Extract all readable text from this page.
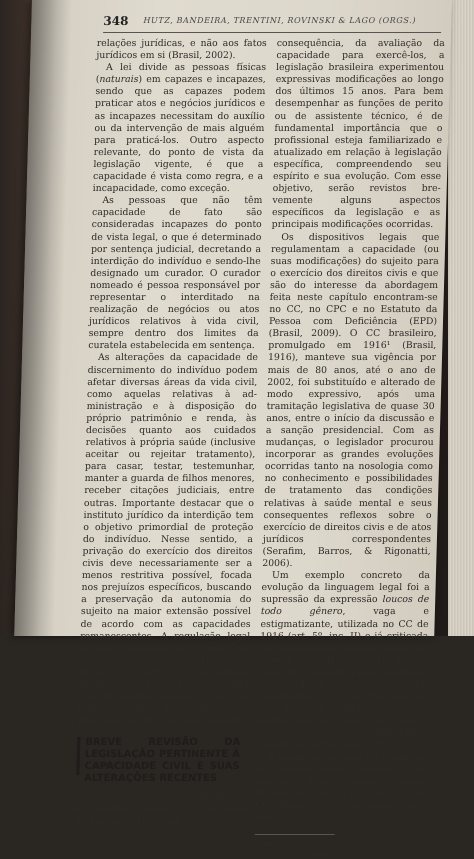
348 HUTZ, BANDEIRA, TRENTINI, ROVINSKI & LAGO (ORGS.)

relações jurídicas, e não aos fatos jurídicos em si (Brasil, 2002).

A lei divide as pessoas físicas (naturais) em capazes e incapazes, sendo que as capazes podem praticar atos e negócios jurídicos e as incapazes necessitam do auxílio ou da intervenção de mais alguém para praticá-los. Outro aspecto relevante, do ponto de vista da legislação vigente, é que a capacidade é vista como regra, e a incapacidade, como exceção.

As pessoas que não têm capacidade de fato são consideradas incapazes do ponto de vista legal, o que é determinado por sentença judicial, decretando a interdição do indivíduo e sendo-lhe designado um curador. O curador nomeado é pessoa responsável por representar o interditado na realização de negócios ou atos jurídicos relativos à vida civil, sempre dentro dos limites da curatela estabelecida em sentença.

As alterações da capacidade de discernimento do indivíduo podem afetar diversas áreas da vida civil, como aquelas relativas à administração e à disposição do próprio patrimônio e renda, às decisões quanto aos cuidados relativos à própria saúde (inclusive aceitar ou rejeitar tratamento), para casar, testar, testemunhar, manter a guarda de filhos menores, receber citações judiciais, entre outras. Importante destacar que o instituto jurídico da interdição tem o objetivo primordial de proteção do indivíduo. Nesse sentido, a privação do exercício dos direitos civis deve necessariamente ser a menos restritiva possível, focada nos prejuízos específicos, buscando a preservação da autonomia do sujeito na maior extensão possível de acordo com as capacidades remanescentes. A regulação legal dessas circunstâncias, como de resto o ordenamento jurídico em geral, sofre periódicas modificações e atualizações, ainda que de forma bastante lenta, na tentativa de acompanhar os processos evolutivos da sociedade.

BREVE REVISÃO DA LEGISLAÇÃO PERTINENTE À CAPACIDADE CIVIL E SUAS ALTERAÇÕES RECENTES

No que se refere especificamente às questões relativas ao exercício de direitos civis e, por

consequência, da avaliação da capacidade para exercê-los, a legislação brasileira experimentou expressivas modificações ao longo dos últimos 15 anos. Para bem desempenhar as funções de perito ou de assistente técnico, é de fundamental importância que o profissional esteja familiarizado e atualizado em relação à legislação específica, compreendendo seu espírito e sua evolução. Com esse objetivo, serão revistos brevemente alguns aspectos específicos da legislação e as principais modificações ocorridas.

Os dispositivos legais que regulamentam a capacidade (ou suas modificações) do sujeito para o exercício dos direitos civis e que são do interesse da abordagem feita neste capítulo encontram-se no CC, no CPC e no Estatuto da Pessoa com Deficiência (EPD) (Brasil, 2009). O CC brasileiro, promulgado em 1916¹ (Brasil, 1916), manteve sua vigência por mais de 80 anos, até o ano de 2002, foi substituído e alterado de modo expressivo, após uma tramitação legislativa de quase 30 anos, entre o início da discussão e a sanção presidencial. Com as mudanças, o legislador procurou incorporar as grandes evoluções ocorridas tanto na nosologia como no conhecimento e possibilidades de tratamento das condições relativas à saúde mental e seus consequentes reflexos sobre o exercício de direitos civis e de atos jurídicos correspondentes (Serafim, Barros, & Rigonatti, 2006).

Um exemplo concreto da evolução da linguagem legal foi a supressão da expressão loucos de todo gênero, vaga e estigmatizante, utilizada no CC de 1916 (art. 5º, inc. II) e já criticada por psiquiatras e juristas desde sua origem naquela época. De acordo com uma linguagem mais adaptada à nosologia psiquiátrica, foi substituída no CC de 2002 por "os que, por enfermidade ou retardo mental, não tiverem o necessário discernimento" (Abdalla-Filho, Chalub, & Borba Telles, 2015).

A delimitação legal da condição de incapacidade absoluta ou relativa ficou, então, assim definida na Lei nº 10.406/2002 do CC (Brasil, 2002, documento on-line):

¹Código Civil. Lei nº 3071/1916 revogada pela Lei nº 10.406/2002.
